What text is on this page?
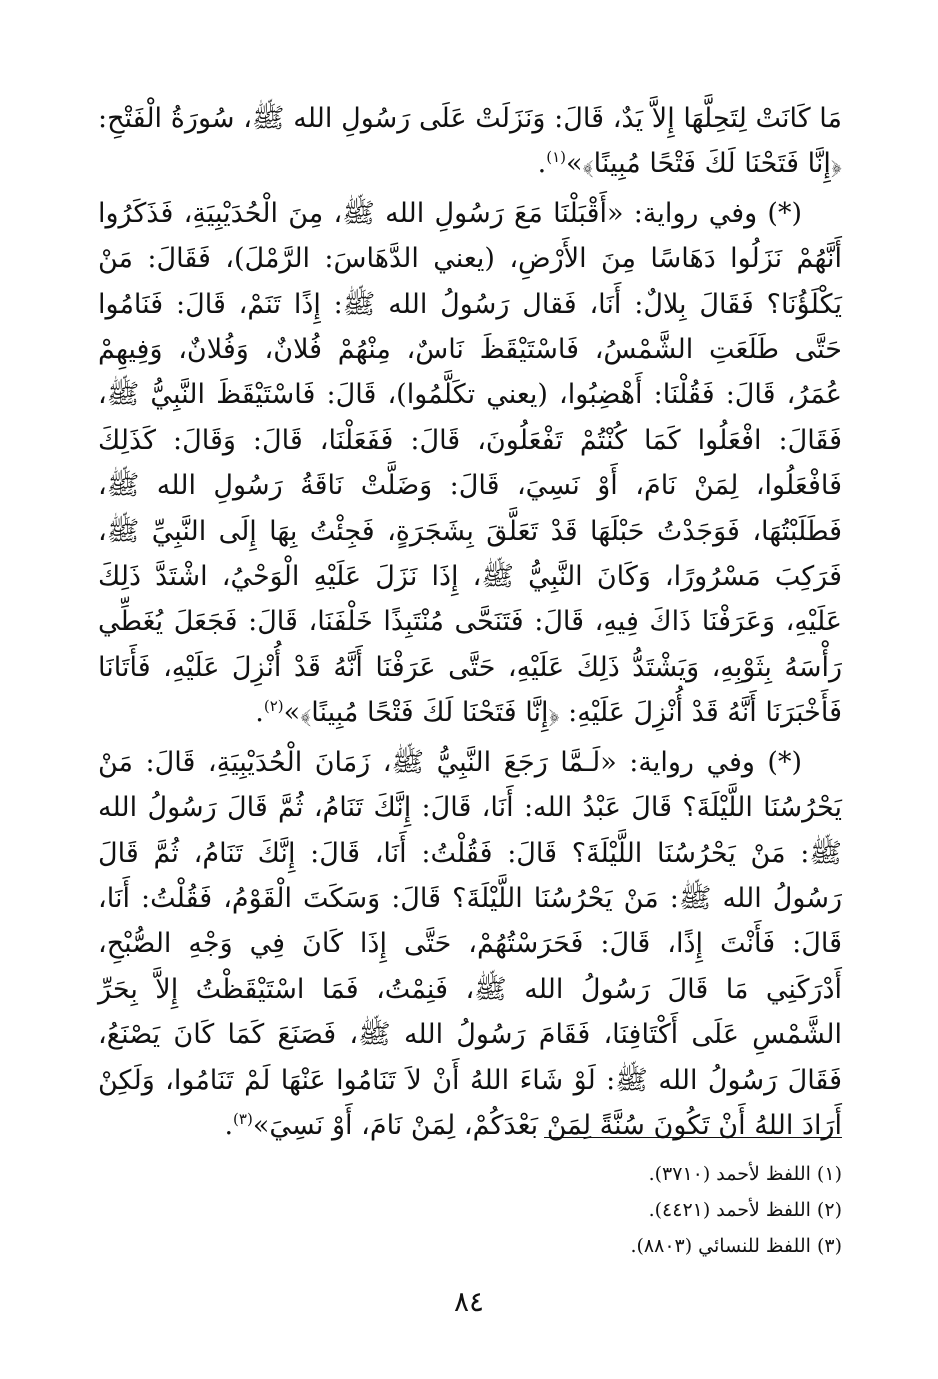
مَا كَانَتْ لِتَحِلَّهَا إِلاَّ يَدٌ، قَالَ: وَنَزَلَتْ عَلَى رَسُولِ الله ﷺ، سُورَةُ الْفَتْحِ: ﴿إِنَّا فَتَحْنَا لَكَ فَتْحًا مُبِينًا﴾»$^{(١)}$.

(*) وفي رواية: «أَقْبَلْنَا مَعَ رَسُولِ الله ﷺ، مِنَ الْحُدَيْبِيَةِ، فَذَكَرُوا أَنَّهُمْ نَزَلُوا دَهَاسًا مِنَ الأَرْضِ، (يعني الدَّهَاسَ: الرَّمْلَ)، فَقَالَ: مَنْ يَكْلَؤُنَا؟ فَقَالَ بِلالٌ: أَنَا، فَقال رَسُولُ الله ﷺ: إِذًا تَنَمْ، قَالَ: فَنَامُوا حَتَّى طَلَعَتِ الشَّمْسُ، فَاسْتَيْقَظَ نَاسٌ، مِنْهُمْ فُلانٌ، وَفُلانٌ، وَفِيهِمْ عُمَرُ، قَالَ: فَقُلْنَا: أَهْضِبُوا، (يعني تكَلَّمُوا)، قَالَ: فَاسْتَيْقَظَ النَّبِيُّ ﷺ، فَقَالَ: افْعَلُوا كَمَا كُنْتُمْ تَفْعَلُونَ، قَالَ: فَفَعَلْنَا، قَالَ: وَقَالَ: كَذَلِكَ فَافْعَلُوا، لِمَنْ نَامَ، أَوْ نَسِيَ، قَالَ: وَضَلَّتْ نَاقَةُ رَسُولِ الله ﷺ، فَطَلَبْتُهَا، فَوَجَدْتُ حَبْلَهَا قَدْ تَعَلَّقَ بِشَجَرَةٍ، فَجِئْتُ بِهَا إِلَى النَّبِيِّ ﷺ، فَرَكِبَ مَسْرُورًا، وَكَانَ النَّبِيُّ ﷺ، إِذَا نَزَلَ عَلَيْهِ الْوَحْيُ، اشْتَدَّ ذَلِكَ عَلَيْهِ، وَعَرَفْنَا ذَاكَ فِيهِ، قَالَ: فَتَنَحَّى مُنْتَبِذًا خَلْفَنَا، قَالَ: فَجَعَلَ يُغَطِّي رَأْسَهُ بِثَوْبِهِ، وَيَشْتَدُّ ذَلِكَ عَلَيْهِ، حَتَّى عَرَفْنَا أَنَّهُ قَدْ أُنْزِلَ عَلَيْهِ، فَأَتَانَا فَأَخْبَرَنَا أَنَّهُ قَدْ أُنْزِلَ عَلَيْهِ: ﴿إِنَّا فَتَحْنَا لَكَ فَتْحًا مُبِينًا﴾»$^{(٢)}$.

(*) وفي رواية: «لَـمَّا رَجَعَ النَّبِيُّ ﷺ، زَمَانَ الْحُدَيْبِيَةِ، قَالَ: مَنْ يَحْرُسُنَا اللَّيْلَةَ؟ قَالَ عَبْدُ الله: أَنَا، قَالَ: إِنَّكَ تَنَامُ، ثُمَّ قَالَ رَسُولُ الله ﷺ: مَنْ يَحْرُسُنَا اللَّيْلَةَ؟ قَالَ: فَقُلْتُ: أَنَا، قَالَ: إِنَّكَ تَنَامُ، ثُمَّ قَالَ رَسُولُ الله ﷺ: مَنْ يَحْرُسُنَا اللَّيْلَةَ؟ قَالَ: وَسَكَتَ الْقَوْمُ، فَقُلْتُ: أَنَا، قَالَ: فَأَنْتَ إِذًا، قَالَ: فَحَرَسْتُهُمْ، حَتَّى إِذَا كَانَ فِي وَجْهِ الصُّبْحِ، أَدْرَكَنِي مَا قَالَ رَسُولُ الله ﷺ، فَنِمْتُ، فَمَا اسْتَيْقَظْتُ إِلاَّ بِحَرِّ الشَّمْسِ عَلَى أَكْتَافِنَا، فَقَامَ رَسُولُ الله ﷺ، فَصَنَعَ كَمَا كَانَ يَصْنَعُ، فَقَالَ رَسُولُ الله ﷺ: لَوْ شَاءَ اللهُ أَنْ لاَ تَنَامُوا عَنْهَا لَمْ تَنَامُوا، وَلَكِنْ أَرَادَ اللهُ أَنْ تَكُونَ سُنَّةً لِمَنْ بَعْدَكُمْ، لِمَنْ نَامَ، أَوْ نَسِيَ»$^{(٣)}$.

(١) اللفظ لأحمد (٣٧١٠).

(٢) اللفظ لأحمد (٤٤٢١).

(٣) اللفظ للنسائي (٨٨٠٣).

٨٤
